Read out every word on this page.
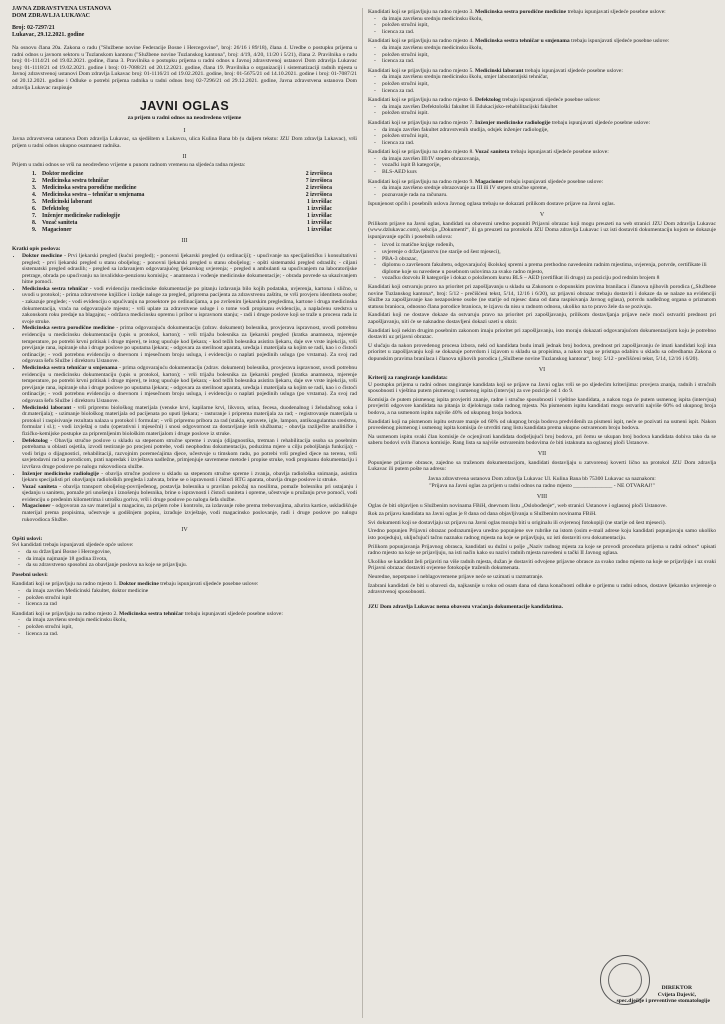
JAVNA ZDRAVSTVENA USTANOVA
DOM ZDRAVLJA LUKAVAC
Broj: 02-7297/21
Lukavac, 29.12.2021. godine

Na osnovu člana 20a. Zakona o radu ("Službene novine Federacije Bosne i Hercegovine", broj: 26/16 i 89/18), člana 4. Uredbe o postupku prijema u radni odnos u javnom sektoru u Tuzlanskom kantonu ("Službene novine Tuzlanskog kantona", broj: 4/19, 4/20, 11/20 i 5/21), člana 2. Pravilnika o radu broj: 01-1114/21 od 19.02.2021. godine, člana 3. Pravilnika o postupku prijema u radni odnos u Javnoj zdravstvenoj ustanovi Dom zdravlja Lukavac broj: 01-1118/21 od 19.02.2021. godine i broj: 01-7088/21 od 20.12.2021. godine, člana 19. Pravilnika o organizaciji i sistematizaciji radnih mjesta u Javnoj zdravstvenoj ustanovi Dom zdravlja Lukavac broj: 01-1116/21 od 19.02.2021. godine, broj: 01-5675/21 od 14.10.2021. godine i broj: 01-7087/21 od 20.12.2021. godine i Odluke o potrebi prijema radnika u radni odnos broj 02-7296/21 od 29.12.2021. godine, Javna zdravstvena ustanova Dom zdravlja Lukavac raspisuje

JAVNI OGLAS
za prijem u radni odnos na neodređeno vrijeme
I

Javna zdravstvena ustanova Dom zdravlja Lukavac, sa sjedištem u Lukavcu, ulica Kulina Bana bb (u daljem tekstu: JZU Dom zdravlja Lukavac), vrši prijem u radni odnos ukupno osamnaest radnika.

II

Prijem u radni odnos se vrši na neodređeno vrijeme u punom radnom vremenu na sljedeća radna mjesta:

1.	Doktor medicine	2 izvršioca
2.	Medicinska sestra tehničar	7 izvršioca
3.	Medicinska sestra porodične medicine	2 izvršioca
4.	Medicinska sestra – tehničar u smjenama	2 izvršioca
5.	Medicinski laborant	1 izvršilac
6.	Defektolog	1 izvršilac
7.	Inženjer medicinske radiologije	1 izvršilac
8.	Vozač saniteta	1 izvršilac
9.	Magacioner	1 izvršilac
III
Kratki opis poslova:
• Doktor medicine - Prvi ljekarski pregled (kućni pregled); - ponovni ljekarski pregled (u ordinaciji); - upućivanje na specijalističku i konsultativni pregled; - prvi ljekarski pregled u stanu oboljelog; - ponovni ljekarski pregled u stanu oboljelog; - opšti sistematski pregled odraslih; - ciljani sistematski pregled odraslih; - pregled sa izdavanjem odgovarajućeg ljekarskog uvjerenja; - pregled u ambulanti sa upućivanjem na laboratorijske pretrage, obrada po upućivanju na invalidsko-penzionu komisiju; - anamneza i vođenje medicinske dokumentacije; - obrada povrede sa ukazivanjem hitne pomoći.
• Medicinska sestra tehničar - vodi evidenciju medicinske dokumentacije po pitanju izdavanja bilo kojih podataka, uvjerenja, kartona i slično, u uvodi u protokol; - prima zdravstvene knjižice i izdaje naloge za pregled, priprema pacijenta za zdravstvenu zaštitu, te vrši provjeru identiteta osobe; - zakazuje preglede; - vodi evidenciju o upućivanju na prosektore po ordinacijama, a po zvršenim ljekarskim pregledima, kartone i druga medicinska dokumentacija, vraća na odgovarajuće mjesto; - vrši uplate za zdravstvene usluge i o tome vodi propisanu evidenciju, a naplaćenu sredstva u zakonskom roku predaje na blagajnu; - održava medicinsku opremu i pribor u ispravnom stanju; - radi i druge poslove koji se traže u procesu rada iz svoje struke.
• Medicinska sestra porodične medicine - prima odgovarajuću dokumentaciju (zdrav. dokument) bolesnika, provjerava ispravnost, uvodi potrebnu evidenciju u medicinsku dokumentaciju (upis u protokol, karton); - vrši trijažu bolesnika za ljekarski pregled (kratka anamneza, mjerenje temperature, po potrebi krvni pritisak i druge mjere), te istog upućuje kod ljekara; - kod težih bolesnika asistira ljekaru, daje sve vrste injekcija, vrši previjanje rana, ispiranje uha i druge poslove po uputama ljekara; - odgovara za sterilnost aparata, uređaja i materijala sa kojim se radi, kao i o čistoći ordinacije; - vodi potrebnu evidenciju o dnevnom i mjesečnom broju usluga, i evidenciju o naplati pojedinih usluga (po vrstama). Za svoj rad odgovara šefu Službe i direktoru Ustanove.
• Medicinska sestra tehničar u smjenama - prima odgovarajuću dokumentaciju (zdrav. dokument) bolesnika, provjerava ispravnost, uvodi potrebnu evidenciju u medicinsku dokumentaciju (upis u protokol, karton); - vrši trijažu bolesnika za ljekarski pregled (kratka anamneza, mjerenje temperature, po potrebi krvni pritisak i druge mjere), te istog upućuje kod ljekara; - kod težih bolesnika asistira ljekaru, daje sve vrste injekcija, vrši previjanje rana, ispiranje uha i druge poslove po uputama ljekara; - odgovara za sterilnost aparata, uređaja i materijala sa kojim se radi, kao i o čistoći ordinacije; - vodi potrebnu evidenciju o dnevnom i mjesečnom broju usluga, i evidenciju o naplati pojedinih usluga (po vrstama). Za svoj rad odgovara šefu Službe i direktoru Ustanove.
• Medicinski laborant - vrši pripremu biološkog materijala (venske krvi, kapilarne krvi, likvora, urina, fecesa, duodenalnog i želudačnog soka i dr.materijala); - uzimanje biološkog materijala od pacijenata po uputi ljekara; - rasturanje i priprema materijala za rad; - registrovanje materijala u protokol i raspisivanje rezultata nalaza u protokol i formular; - vrši pripremu pribora za rad (stakla, epruvete, igle, lampon, antikoagulantna sredstva, formular i sl.); - vodi izvještaj o radu (operativni i mjesečni) i snosi odgovornost za dostavljanje istih službama; - obavlja razliječite analitičke i fizičko-kemijske postupke za pripremljenim biološkim materijalom i druge poslove iz struke.
• Defektolog - Obavlja stručne poslove u skladu sa stepenom stručne spreme i zvanja (dijagnostika, tretman i rehabilitacija osoba sa posebnim potrebama u oblasti osjetila, izvodi testiranje po procjeni potrebe, vodi neophodnu dokumentaciju, poduzima mjere u cilju poboljšanja funkcija); - vodi brigu o dijagnostici, rehabilitaciji, razvojnim poremećajima djece, učestvuje u timskom radu, po potrebi vrši pregled djece na terenu, vrši savjetodavni rad sa porodicom, prati napredak i izvještava nadležne, primjenjuje savremene metode i propise struke, vodi propisanu dokumentaciju i izvršava druge poslove po nalogu rukovodioca službe.
• Inženjer medicinske radiologije - obavlja stručne poslove u skladu sa stepenom stručne spreme i zvanja, obavlja radiološka snimanja, asistira ljekaru specijalisti pri obavljanju radioloških pregleda i zahvata, brine se o ispravnosti i čistoći RTG aparata, obavlja druge poslove iz struke.
• Vozač saniteta - obavlja transport oboljelog-povrijeđenog, postavlja bolesnika u pravilan položaj na nosilima, pomaže bolesniku pri ustajanju i sjedanju u sanitetu, pomaže pri unošenju i iznošenju bolesnika, brine o ispravnosti i čistoći saniteta i opreme, učestvuje u pružanju prve pomoći, vodi evidenciju o pređenim kilometrima i utrošku goriva, vrši i druge poslove po nalogu šefa službe.
• Magacioner - odgovoran za sav materijal u magacinu, za prijem robe i kontrolu, za izdavanje robe prema trebovanjima, ažurira kartice, uskladišćuje materijal prema propisima, učestvuje u godišnjem popisu, izrađuje izvještaje, vodi magacinsko poslovanje, radi i druge poslove po nalogu rukovodioca Službe.
IV
Opšti uslovi:
Svi kandidati trebaju ispunjavati sljedeće opće uslove:
- da su državljani Bosne i Hercegovine,
- da imaju najmanje 18 godina života,
- da su zdravstveno sposobni za obavljanje poslova na koje se prijavljuju.
Posebni uslovi:
Kandidati koji se prijavljuju na radno mjesto 1. Doktor medicine trebaju ispunjavati sljedeće posebne uslove:
- da imaju završen Medicinski fakultet, doktor medicine
- položen stručni ispit
- licenca za rad
Kandidati koji se prijavljuju na radno mjesto 2. Medicinska sestra tehničar trebaju ispunjavati sljedeće posebne uslove:
- da imaju završenu srednju medicinsku školu,
- položen stručni ispit,
- licenca za rad.
Kandidati koji se prijavljuju na radno mjesto 3. Medicinska sestra porodične medicine trebaju ispunjavati sljedeće posebne uslove:
- da imaju završenu srednju medicinsku školu,
- položen stručni ispit,
- licenca za rad.
Kandidati koji se prijavljuju na radno mjesto 4. Medicinska sestra tehničar u smjenama trebaju ispunjavati sljedeće posebne uslove:
- da imaju završenu srednju medicinsku školu,
- položen stručni ispit,
- licenca za rad.
Kandidati koji se prijavljuju na radno mjesto 5. Medicinski laborant trebaju ispunjavati sljedeće posebne uslove:
- da imaju završenu srednju medicinsku školu, smjer laboratorijski tehničar,
- položen stručni ispit,
- licenca za rad.
Kandidati koji se prijavljuju na radno mjesto 6. Defektolog trebaju ispunjavati sljedeće posebne uslove:
- da imaju završen Defektološki fakultet ili Edukacijsko-rehabilitacijski fakultet
- položen stručni ispit.
Kandidati koji se prijavljuju na radno mjesto 7. Inženjer medicinske radiologije trebaju ispunjavati sljedeće posebne uslove:
- da imaju završen fakultet zdravstvenih studija, odsjek inženjer radiologije,
- položen stručni ispit,
- licenca za rad.
Kandidati koji se prijavljuju na radno mjesto 8. Vozač saniteta trebaju ispunjavati sljedeće posebne uslove:
- da imaju završen III/IV stepen obrazovanja,
- vozački ispit B kategorije,
- BLS-AED kurs
Kandidati koji se prijavljuju na radno mjesto 9. Magacioner trebaju ispunjavati sljedeće posebne uslove:
- da imaju završeno srednje obrazovanje za III ili IV stepen stručne spreme,
- poznavanje rada na računaru.

Ispunjenost općih i posebnih uslova Javnog oglasa trebaju se dokazati prilikom dostave prijave na Javni oglas.

V

Prilikom prijave na Javni oglas, kandidati su obavezni uredno popuniti Prijavni obrazac koji mogu preuzeti na web stranici JZU Dom zdravlja Lukavac (www.dzlukavac.com), sekcija „Dokumenti“, ili ga preuzeti na protokolu JZU Doma zdravlja Lukavac i uz isti dostaviti dokumentaciju kojom se dokazuje ispunjavanje općih i posebnih uslova:

- izvod iz matične knjige rođenih,
- uvjerenje o državljanstvu (ne starije od šest mjeseci),
- PBA-3 obrazac,
- diplomu o završenom fakultetu, odgovarajućoj školskoj spremi a prema prethodno navedenim radnim mjestima, uvjerenja, potvrde, certifikate ili diplome koje su navedene u posebnom uslovima za svako radno mjesto,
- vozačku dozvolu B kategorije i dokaz o položenom kursu BLS – AED (certifikat ili drugo) za poziciju pod rednim brojem 8

Kandidati koji ostvaruju pravo na prioritet pri zapošljavanju u skladu sa Zakonom o dopunskim pravima branilaca i članova njihovih porodica („Službene novine Tuzlanskog kantona“, broj: 5/12 - prečišćeni tekst, 5/14, 12/16 i 6/20), uz prijavni obrazac trebaju dostaviti i dokaze da se nalaze na evidenciji Službe za zapošljavanje kao nezaposlene osobe (ne starije od mjesec dana od dana raspisivanja Javnog oglasa), potvrdu nadležnog organa o priznatom statusu branioca, odnosno člana porodice branioca, te izjavu da nisu u radnom odnosu, ukoliko na to pravo žele da se pozivaju.

Kandidati koji ne dostave dokaze da ostvaruju pravo na prioritet pri zapošljavanju, prilikom dostavljanja prijave neće moći ostvariti prednost pri zapošljavanju, niti će se naknadno dostavljeni dokazi uzeti u obzir.

Kandidati koji nekim drugim posebnim zakonom imaju prioritet pri zapošljavanju, isto moraju dokazati odgovarajućom dokumentacijom koju je potrebno dostaviti uz prijavni obrazac.

U slučaju da nakon provedenog procesa izbora, neki od kandidata budu imali jednak broj bodova, prednost pri zapošljavanju će imati kandidati koji ima prioritet u zapošljavanju koji se dokazuje potvrdom i izjavom u skladu sa propisima, a nakon toga se pristupa odabiru u skladu sa odredbama Zakona o dopunskim pravima branilaca i članova njihovih porodica („Službene novine Tuzlanskog kantona“, broj: 5/12 - prečišćeni tekst, 5/14, 12/16 i 6/20).

VI
Kriterij za rangiranje kandidata:

U postupku prijema u radni odnos rangiranje kandidata koji se prijave na Javni oglas vrši se po sljedećim kriterijima: provjera znanja, radnih i stručnih sposobnosti i vještina putem pismenog i usmenog ispita (intervju) za sve pozicije od 1 do 9.

Komisija će putem pismenog ispita provjeriti znanje, radne i stručne sposobnosti i vještine kandidata, a nakon toga će putem usmenog ispita (intervjua) provjeriti odgovore kandidata na pitanja iz djelokruga rada radnog mjesta. Na pismenom ispitu kandidati mogu ostvariti najviše 60% od ukupnog broja bodova, a na usmenom ispitu najviše 40% od ukupnog broja bodova.

Kandidati koji na pismenom ispitu ostvare manje od 60% od ukupnog broja bodova predviđenih za pismeni ispit, neće se pozivati na usmeni ispit. Nakon provedenog pismenog i usmenog ispita komisija će utvrditi rang listu kandidata prema ukupno ostvarenom broju bodova.

Na usmenom ispitu svaki član komisije će ocjenjivati kandidata dodjeljujući broj bodova, pri čemu se ukupan broj bodova kandidata dobiva tako da se saberu bodovi svih članova komisije. Rang lista sa najviše ostvarenim bodovima će biti istaknuta na oglasnoj ploči Ustanove.

VII

Popunjene prijavne obrasce, zajedno sa traženom dokumentacijom, kandidati dostavljaju u zatvorenoj koverti lično na protokol JZU Dom zdravlja Lukavac ili putem pošte na adresu:

Javna zdravstvena ustanova Dom zdravlja Lukavac Ul. Kulina Bana bb 75300 Lukavac sa naznakom:
"Prijava na Javni oglas za prijem u radni odnos na radno mjesto ______________ - NE OTVARAJ!"
VIII

Oglas će biti objavljen u Službenim novinama FBiH, dnevnom listu „Oslobođenje“, web stranici Ustanove i oglasnoj ploči Ustanove.

Rok za prijavu kandidata na Javni oglas je 8 dana od dana objavljivanja u Službenim novinama FBiH.

Svi dokumenti koji se dostavljaju uz prijavu na Javni oglas moraju biti u originalu ili ovjerenoj fotokopiji (ne starije od šest mjeseci).

Uredno popunjen Prijavni obrazac podrazumijeva uredno popunjene sve rubrike na istom (osim e-mail adrese koju kandidati popunjavaju samo ukoliko isto posjeduju), uključujući tačnu naznaku radnog mjesta na koje se prijavljuju, uz isti dostaviti svu dokumentaciju.

Prilikom popunjavanja Prijavnog obrasca, kandidati su dužni u polje „Naziv radnog mjesta za koje se provodi procedura prijema u radni odnos“ upisati radno mjesto na koje se prijavljuju, na isti način kako su nazivi radnih mjesta navedeni u tački II Javnog oglasa.

Ukoliko se kandidat želi prijaviti na više radnih mjesta, dužan je dostaviti odvojene prijavne obrasce za svako radno mjesto na koje se prijavljuje i uz svaki Prijavni obrazac dostaviti ovjerene fotokopije traženih dokumenata.

Neuredne, nepotpune i neblagovremene prijave neće se uzimati u razmatranje.

Izabrani kandidati će biti u obavezi da, najkasnije u roku od osam dana od dana konačnosti odluke o prijemu u radni odnos, dostave ljekarsko uvjerenje o zdravstvenoj sposobnosti.

JZU Dom zdravlja Lukavac nema obavezu vraćanja dokumentacije kandidatima.
DIREKTOR
Cvijeta Dajević,
spec.dječije i preventivne stomatologije
